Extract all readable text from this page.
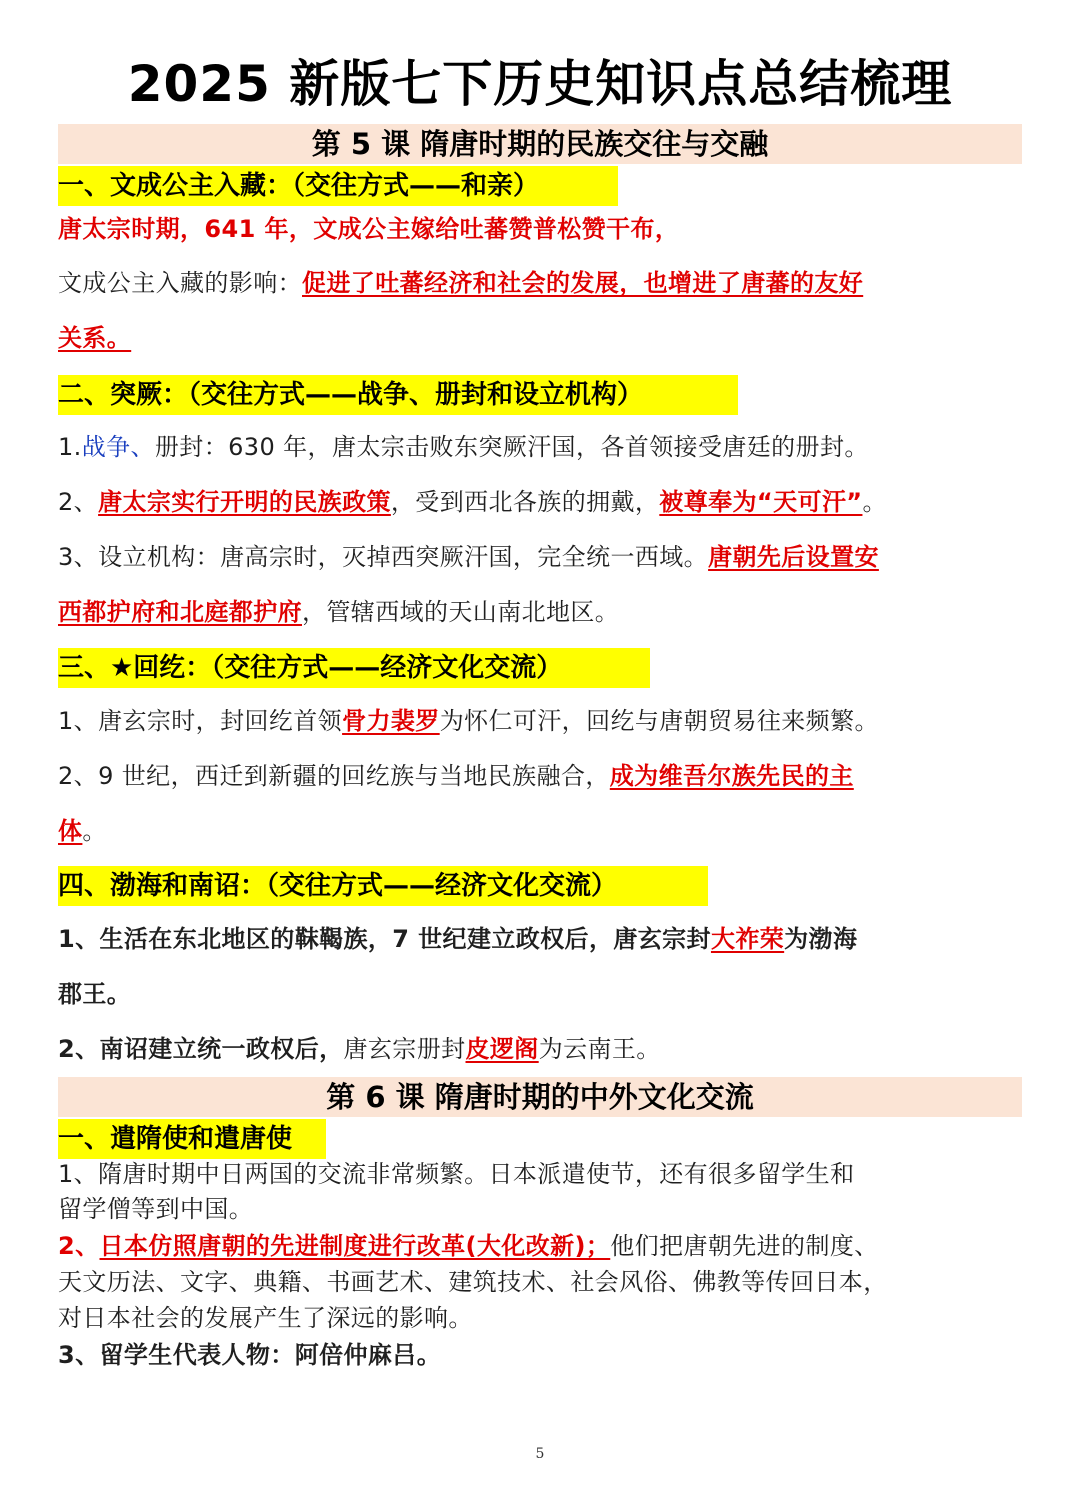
2025 新版七下历史知识点总结梳理
第 5 课 隋唐时期的民族交往与交融
一、文成公主入藏：（交往方式——和亲）
唐太宗时期，641 年，文成公主嫁给吐蕃赞普松赞干布，
文成公主入藏的影响：促进了吐蕃经济和社会的发展，也增进了唐蕃的友好
关系。
二、突厥：（交往方式——战争、册封和设立机构）
1.战争、册封：630 年，唐太宗击败东突厥汗国，各首领接受唐廷的册封。
2、唐太宗实行开明的民族政策，受到西北各族的拥戴，被尊奉为“天可汗”。
3、设立机构：唐高宗时，灭掉西突厥汗国，完全统一西域。唐朝先后设置安
西都护府和北庭都护府，管辖西域的天山南北地区。
三、★回纥：（交往方式——经济文化交流）
1、唐玄宗时，封回纥首领骨力裴罗为怀仁可汗，回纥与唐朝贸易往来频繁。
2、9 世纪，西迁到新疆的回纥族与当地民族融合，成为维吾尔族先民的主
体。
四、渤海和南诏：（交往方式——经济文化交流）
1、生活在东北地区的靺鞨族，7 世纪建立政权后，唐玄宗封大祚荣为渤海
郡王。
2、南诏建立统一政权后，唐玄宗册封皮逻阁为云南王。
第 6 课 隋唐时期的中外文化交流
一、遣隋使和遣唐使
1、隋唐时期中日两国的交流非常频繁。日本派遣使节，还有很多留学生和
留学僧等到中国。
2、日本仿照唐朝的先进制度进行改革(大化改新)；他们把唐朝先进的制度、
天文历法、文字、典籍、书画艺术、建筑技术、社会风俗、佛教等传回日本，
对日本社会的发展产生了深远的影响。
3、留学生代表人物：阿倍仲麻吕。
5
